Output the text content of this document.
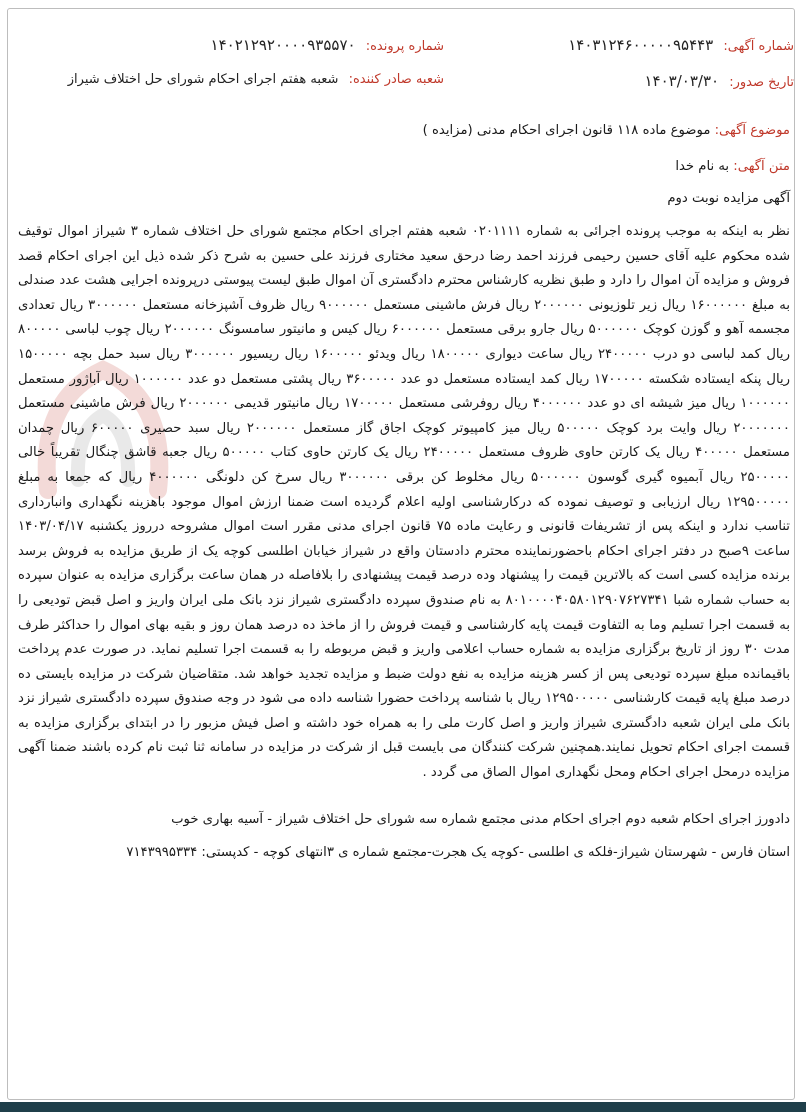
شماره آگهی: ۱۴۰۳۱۲۴۶۰۰۰۰۰۹۵۴۴۳
شماره پرونده: ۱۴۰۲۱۲۹۲۰۰۰۰۹۳۵۵۷۰
تاریخ صدور: ۱۴۰۳/۰۳/۳۰
شعبه صادر کننده: شعبه هفتم اجرای احکام شورای حل اختلاف شیراز
موضوع آگهی: موضوع ماده ۱۱۸ قانون اجرای احکام مدنی (مزایده )
متن آگهی: به نام خدا
آگهی مزایده نوبت دوم
نظر به اینکه به موجب پرونده اجرائی به شماره ۰۲۰۱۱۱۱ شعبه هفتم اجرای احکام مجتمع شورای حل اختلاف شماره ۳ شیراز اموال توقیف شده محکوم علیه آقای حسین رحیمی فرزند احمد رضا درحق سعید مختاری فرزند علی حسین به شرح ذکر شده ذیل این اجرای احکام قصد فروش و مزایده آن اموال را دارد و طبق نظریه کارشناس محترم دادگستری آن اموال طبق لیست پیوستی درپرونده اجرایی هشت عدد صندلی به مبلغ ۱۶۰۰۰۰۰۰ ریال زیر تلوزیونی ۲۰۰۰۰۰۰ ریال فرش ماشینی مستعمل ۹۰۰۰۰۰۰ ریال ظروف آشپزخانه مستعمل ۳۰۰۰۰۰۰ ریال تعدادی مجسمه آهو و گوزن کوچک ۵۰۰۰۰۰۰ ریال جارو برقی مستعمل ۶۰۰۰۰۰۰ ریال کیس و مانیتور سامسونگ ۲۰۰۰۰۰۰ ریال چوب لباسی ۸۰۰۰۰۰ ریال کمد لباسی دو درب ۲۴۰۰۰۰۰ ریال ساعت دیواری ۱۸۰۰۰۰۰ ریال ویدئو ۱۶۰۰۰۰۰ ریال ریسیور ۳۰۰۰۰۰۰ ریال سبد حمل بچه ۱۵۰۰۰۰۰ ریال پنکه ایستاده شکسته ۱۷۰۰۰۰۰ ریال کمد ایستاده مستعمل دو عدد ۳۶۰۰۰۰۰ ریال پشتی مستعمل دو عدد ۱۰۰۰۰۰۰ ریال آباژور مستعمل ۱۰۰۰۰۰۰ ریال میز شیشه ای دو عدد ۴۰۰۰۰۰۰ ریال روفرشی مستعمل ۱۷۰۰۰۰۰ ریال مانیتور قدیمی ۲۰۰۰۰۰۰ ریال فرش ماشینی مستعمل ۲۰۰۰۰۰۰۰ ریال وایت برد کوچک ۵۰۰۰۰۰ ریال میز کامپیوتر کوچک اجاق گاز مستعمل ۲۰۰۰۰۰۰ ریال سبد حصیری ۶۰۰۰۰۰ ریال چمدان مستعمل ۴۰۰۰۰۰ ریال یک کارتن حاوی ظروف مستعمل ۲۴۰۰۰۰۰ ریال یک کارتن حاوی کتاب ۵۰۰۰۰۰ ریال جعبه قاشق چنگال تقریباً خالی ۲۵۰۰۰۰۰ ریال آبمیوه گیری گوسون ۵۰۰۰۰۰۰ ریال مخلوط کن برقی ۳۰۰۰۰۰۰ ریال سرخ کن دلونگی ۴۰۰۰۰۰۰ ریال که جمعا به مبلغ ۱۲۹۵۰۰۰۰۰ ریال ارزیابی و توصیف نموده که درکارشناسی اولیه اعلام گردیده است ضمنا ارزش اموال موجود باهزینه نگهداری وانبارداری تناسب ندارد و اینکه پس از تشریفات قانونی و رعایت ماده ۷۵ قانون اجرای مدنی مقرر است اموال مشروحه درروز یکشنبه ۱۴۰۳/۰۴/۱۷ ساعت ۹صبح در دفتر اجرای احکام باحضورنماینده محترم دادستان واقع در شیراز خیابان اطلسی کوچه یک از طریق مزایده به فروش برسد برنده مزایده کسی است که بالاترین قیمت را پیشنهاد وده درصد قیمت پیشنهادی را بلافاصله در همان ساعت برگزاری مزایده به عنوان سپرده به حساب شماره شبا ۸۰۱۰۰۰۰۴۰۵۸۰۱۲۹۰۷۶۲۷۳۴۱ به نام صندوق سپرده دادگستری شیراز نزد بانک ملی ایران واریز و اصل قبض تودیعی را به قسمت اجرا تسلیم وما به التفاوت قیمت پایه کارشناسی و قیمت فروش را از ماخذ ده درصد همان روز و بقیه بهای اموال را حداکثر طرف مدت ۳۰ روز از تاریخ برگزاری مزایده به شماره حساب اعلامی واریز و قبض مربوطه را به قسمت اجرا تسلیم نماید. در صورت عدم پرداخت باقیمانده مبلغ سپرده تودیعی پس از کسر هزینه مزایده به نفع دولت ضبط و مزایده تجدید خواهد شد. متقاضیان شرکت در مزایده بایستی ده درصد مبلغ پایه قیمت کارشناسی ۱۲۹۵۰۰۰۰۰ ریال با شناسه پرداخت حضورا شناسه داده می شود در وجه صندوق سپرده دادگستری شیراز نزد بانک ملی ایران شعبه دادگستری شیراز واریز و اصل کارت ملی را به همراه خود داشته و اصل فیش مزبور را در ابتدای برگزاری مزایده به قسمت اجرای احکام تحویل نمایند.همچنین شرکت کنندگان می بایست قبل از شرکت در مزایده در سامانه ثنا ثبت نام کرده باشند ضمنا آگهی مزایده درمحل اجرای احکام ومحل نگهداری اموال الصاق می گردد .
دادورز اجرای احکام شعبه دوم اجرای احکام مدنی مجتمع شماره سه شورای حل اختلاف شیراز - آسیه بهاری خوب
استان فارس - شهرستان شیراز-فلکه ی اطلسی -کوچه یک هجرت-مجتمع شماره ی ۳انتهای کوچه - کدپستی: ۷۱۴۳۹۹۵۳۳۴
